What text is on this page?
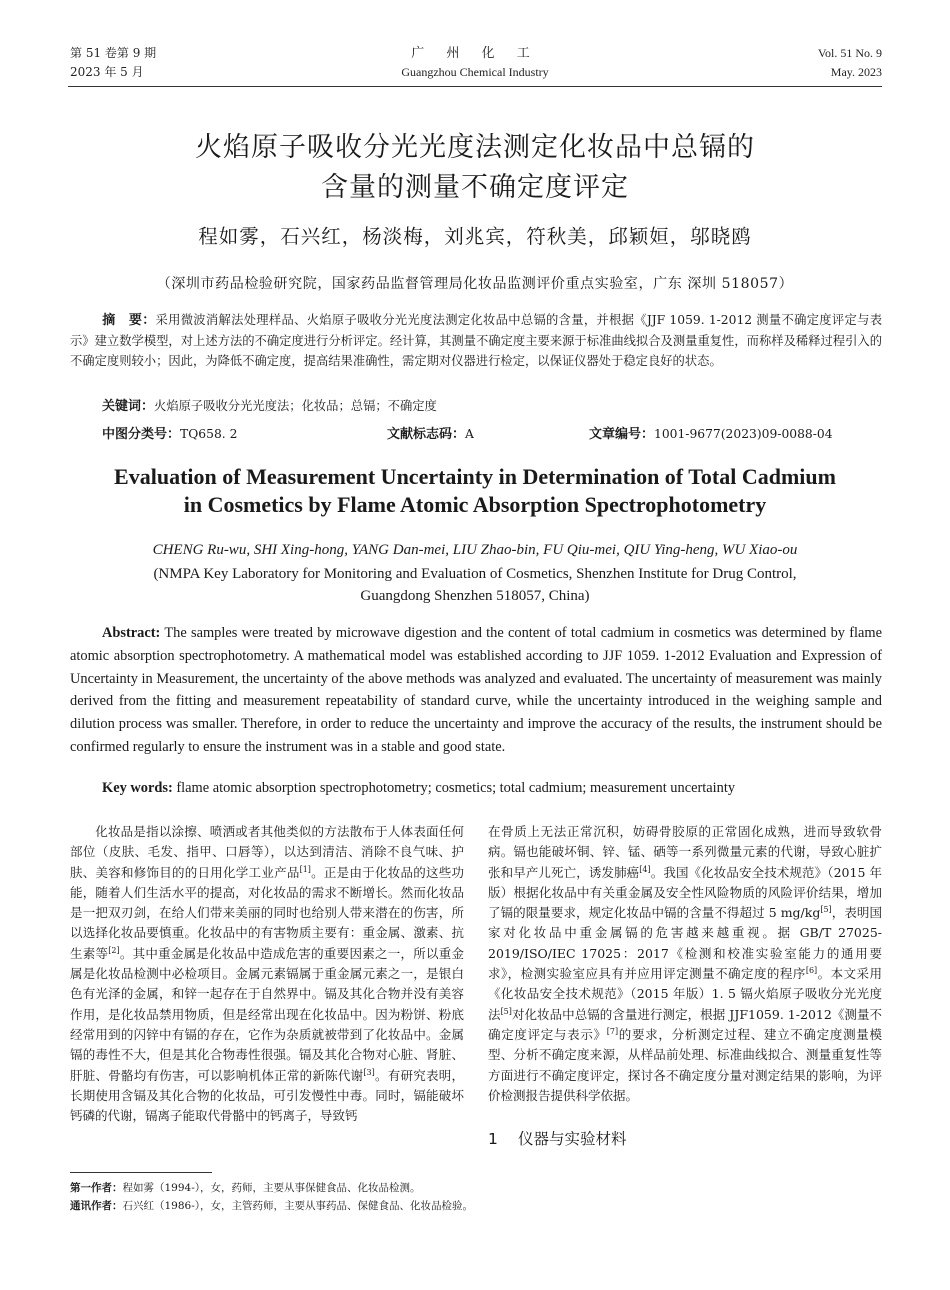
第 51 卷第 9 期
2023 年 5 月
广 州 化 工
Guangzhou Chemical Industry
Vol. 51 No. 9
May. 2023
火焰原子吸收分光光度法测定化妆品中总镉的
含量的测量不确定度评定
程如雾，石兴红，杨淡梅，刘兆宾，符秋美，邱颖姮，邬晓鸥
（深圳市药品检验研究院，国家药品监督管理局化妆品监测评价重点实验室，广东 深圳 518057）
摘　要：采用微波消解法处理样品、火焰原子吸收分光光度法测定化妆品中总镉的含量，并根据《JJF 1059. 1-2012 测量不确定度评定与表示》建立数学模型，对上述方法的不确定度进行分析评定。经计算，其测量不确定度主要来源于标准曲线拟合及测量重复性，而称样及稀释过程引入的不确定度则较小；因此，为降低不确定度，提高结果准确性，需定期对仪器进行检定，以保证仪器处于稳定良好的状态。
关键词：火焰原子吸收分光光度法；化妆品；总镉；不确定度
中图分类号：TQ658. 2	文献标志码：A	文章编号：1001-9677(2023)09-0088-04
Evaluation of Measurement Uncertainty in Determination of Total Cadmium
in Cosmetics by Flame Atomic Absorption Spectrophotometry
CHENG Ru-wu, SHI Xing-hong, YANG Dan-mei, LIU Zhao-bin, FU Qiu-mei, QIU Ying-heng, WU Xiao-ou
(NMPA Key Laboratory for Monitoring and Evaluation of Cosmetics, Shenzhen Institute for Drug Control,
Guangdong Shenzhen 518057, China)
Abstract: The samples were treated by microwave digestion and the content of total cadmium in cosmetics was determined by flame atomic absorption spectrophotometry. A mathematical model was established according to JJF 1059. 1-2012 Evaluation and Expression of Uncertainty in Measurement, the uncertainty of the above methods was analyzed and evaluated. The uncertainty of measurement was mainly derived from the fitting and measurement repeatability of standard curve, while the uncertainty introduced in the weighing sample and dilution process was smaller. Therefore, in order to reduce the uncertainty and improve the accuracy of the results, the instrument should be confirmed regularly to ensure the instrument was in a stable and good state.
Key words: flame atomic absorption spectrophotometry; cosmetics; total cadmium; measurement uncertainty
化妆品是指以涂擦、喷洒或者其他类似的方法散布于人体表面任何部位（皮肤、毛发、指甲、口唇等），以达到清洁、消除不良气味、护肤、美容和修饰目的的日用化学工业产品[1]。正是由于化妆品的这些功能，随着人们生活水平的提高，对化妆品的需求不断增长。然而化妆品是一把双刃剑，在给人们带来美丽的同时也给别人带来潜在的伤害，所以选择化妆品要慎重。化妆品中的有害物质主要有：重金属、激素、抗生素等[2]。其中重金属是化妆品中造成危害的重要因素之一，所以重金属是化妆品检测中必检项目。金属元素镉属于重金属元素之一，是银白色有光泽的金属，和锌一起存在于自然界中。镉及其化合物并没有美容作用，是化妆品禁用物质，但是经常出现在化妆品中。因为粉饼、粉底经常用到的闪锌中有镉的存在，它作为杂质就被带到了化妆品中。金属镉的毒性不大，但是其化合物毒性很强。镉及其化合物对心脏、肾脏、肝脏、骨骼均有伤害，可以影响机体正常的新陈代谢[3]。有研究表明，长期使用含镉及其化合物的化妆品，可引发慢性中毒。同时，镉能破坏钙磷的代谢，镉离子能取代骨骼中的钙离子，导致钙
在骨质上无法正常沉积，妨碍骨胶原的正常固化成熟，进而导致软骨病。镉也能破坏铜、锌、锰、硒等一系列微量元素的代谢，导致心脏扩张和早产儿死亡，诱发肺癌[4]。我国《化妆品安全技术规范》（2015 年版）根据化妆品中有关重金属及安全性风险物质的风险评价结果，增加了镉的限量要求，规定化妆品中镉的含量不得超过 5 mg/kg[5]，表明国家对化妆品中重金属镉的危害越来越重视。据 GB/T 27025-2019/ISO/IEC 17025：2017《检测和校准实验室能力的通用要求》，检测实验室应具有并应用评定测量不确定度的程序[6]。本文采用《化妆品安全技术规范》（2015 年版）1. 5 镉火焰原子吸收分光光度法[5]对化妆品中总镉的含量进行测定，根据 JJF1059. 1-2012《测量不确定度评定与表示》[7]的要求，分析测定过程、建立不确定度测量模型、分析不确定度来源，从样品前处理、标准曲线拟合、测量重复性等方面进行不确定度评定，探讨各不确定度分量对测定结果的影响，为评价检测报告提供科学依据。
1 仪器与实验材料
第一作者：程如雾（1994-），女，药师，主要从事保健食品、化妆品检测。
通讯作者：石兴红（1986-），女，主管药师，主要从事药品、保健食品、化妆品检验。
